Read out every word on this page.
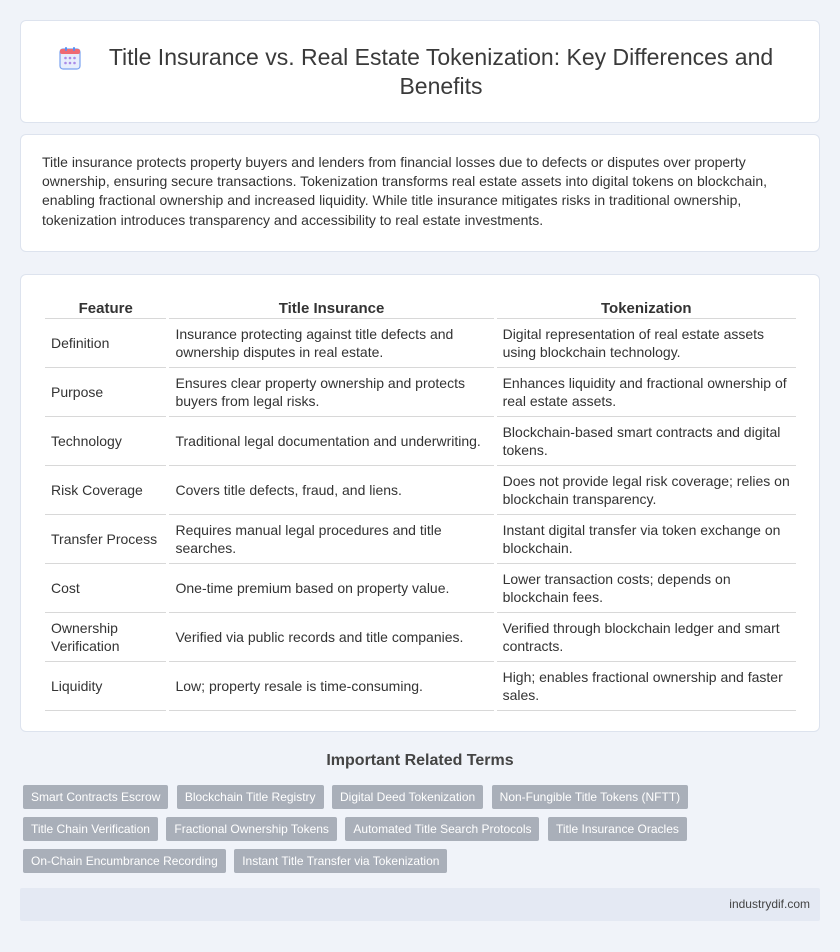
Title Insurance vs. Real Estate Tokenization: Key Differences and Benefits

Title insurance protects property buyers and lenders from financial losses due to defects or disputes over property ownership, ensuring secure transactions. Tokenization transforms real estate assets into digital tokens on blockchain, enabling fractional ownership and increased liquidity. While title insurance mitigates risks in traditional ownership, tokenization introduces transparency and accessibility to real estate investments.

Feature	Title Insurance	Tokenization
Definition	Insurance protecting against title defects and ownership disputes in real estate.	Digital representation of real estate assets using blockchain technology.
Purpose	Ensures clear property ownership and protects buyers from legal risks.	Enhances liquidity and fractional ownership of real estate assets.
Technology	Traditional legal documentation and underwriting.	Blockchain-based smart contracts and digital tokens.
Risk Coverage	Covers title defects, fraud, and liens.	Does not provide legal risk coverage; relies on blockchain transparency.
Transfer Process	Requires manual legal procedures and title searches.	Instant digital transfer via token exchange on blockchain.
Cost	One-time premium based on property value.	Lower transaction costs; depends on blockchain fees.
Ownership Verification	Verified via public records and title companies.	Verified through blockchain ledger and smart contracts.
Liquidity	Low; property resale is time-consuming.	High; enables fractional ownership and faster sales.
Important Related Terms
Smart Contracts Escrow Blockchain Title Registry Digital Deed Tokenization Non-Fungible Title Tokens (NFTT) Title Chain Verification Fractional Ownership Tokens Automated Title Search Protocols Title Insurance Oracles On-Chain Encumbrance Recording Instant Title Transfer via Tokenization
industrydif.com
